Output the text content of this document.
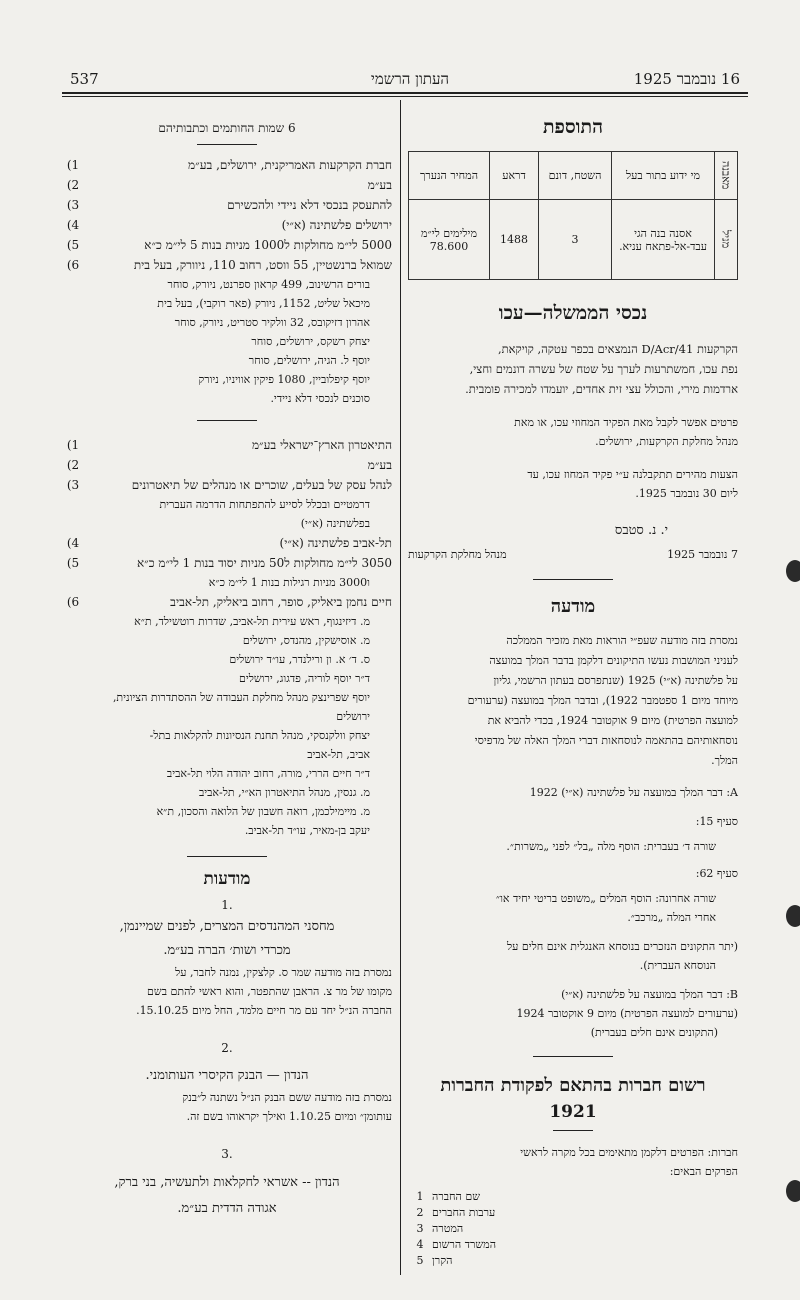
537	העתון הרשמי	16 נובמבר 1925
6 שמות החותמים וכתבותיהם
1)	חברת הקרקעות האמריקנית, ירושלים, בע״מ
2)	בע״מ
3)	להתעסק בנכסי דלא ניידי ולהכשירם
4)	ירושלים פלשתינה (א״י)
5)	5000 לי״מ מחולקות ל1000 מניות בנות 5 לי״מ כ״א
6)	שמואל ברנשטיין, 55 ווסט, רחוב 110, ניוורק, בעל בית
בורים הרשינוב, 499 קראון ספרנט, ניורק, סוחר
מיכאל שליט, 1152, ניורק (פאר רוקבי), בעל בית
אהרון דזיקובס, 32 וולקיר סטריט, ניורק, סוחר
יצחק רשקס, ירושלים, סוחר
יוסף ל. הגיה, ירושלים, סוחר
יוסף קיפלוביין, 1080 פיקין אוויניו, ניורק
סוכנים לנכסי דלא ניידי.
1)	התיאטרון הארץ־ישראלי בע״מ
2)	בע״מ
3)	לנהל עסק של בעלים, שוכרים או מנהלים של תיאטרונים
דרמטיים ובכלל לסייע להתפתחות הדרמה העברית
בפלשתינה (א״י)
4)	תל-אביב פלשתינה (א״י)
5)	3050 לי״מ מחולקות ל50 מניות יסוד בנות 1 לי״מ כ״א
ו3000 מניות רגילות בנות 1 לי״מ כ״א
6)	חיים נחמן ביאליק, סופר, רחוב ביאליק, תל-אביב
מ. דיזינגוף, ראש עירית תל-אביב, שדרות רוטשילד, ת״א
מ. אוסישקין, מהנדס, ירושלים
ס. ד׳ א. ון ורילנדר, עו״ד ירושלים
ד״ר יוסף לוריה, פדגוג, ירושלים
יוסף שפרינצק מנהל מחלקת העבודה של ההסתדרות הציונית,
ירושלים
יצחק וולקנסקי, מנהל תחנת הנסיונות להקלאות בתל-
אביב, תל-אביב
ד״ר חיים הררי, מורה, רחוב יהודה הלוי תל-אביב
מ. גנסין, מנהל התיאטרון הא״י, תל-אביב
מ. מיימילכמן, רואה חשבון של הלואה והסכון, ת״א
יעקב בן-מאיר, עו״ד תל-אביב.
מודעות
.1
מחסני המהנדסים המצרים, לפנים שמיינמן,
מכרדי ושות׳ הברה בע״מ.
נמסרת בזה מודעה שמר ס. קלצקין, נמנה לחבר, על
מקומו של מר צ. הראבן שהתפטר, והוא ראשי להתם בשם
החברה הנ״ל יחד עם מר חיים מלמד, החל מיום 15.10.25.
.2
הנדון — הבנק הקיסרי העותומני.
נמסרת בזה מודעה ששם הבנק הנ״ל נשתנה ל״בנק
עותומן״ ומיום 1.10.25 ואילך יקראוהו בשם זה.
.3
הנדון -- אשראי לחקלאות ולתעשיה, בני ברק,
אגודה הדדית בע״מ.
התוספת
מאבנה	מי ידוע בתור בעל	השטח, דונם	דראע	המחיר הנערך
מניל	אסנה בנה הגי עבד-אל-פתאח עניא.	3	1488	מילימים לי״מ 78.600
נכסי הממשלה—עכו
הקרקעות D/Acr/41 הנמצאים בכפר עטקה, קויקאת,
נפת עכו, חמשתרעות לערך על שטח של עשרה דונמים וחצי,
ארדמות מירי, והכולל עצי זית אחדים, יועמדו למכירה פומבית.
פרטים אפשר לקבל מאת הפקיד המחוזי עכו, או מאת
מנהל מחלקת הקרקעות, ירושלים.
הצעות מהירים תתקבלנה ע״י פקיד המחוז עכו, עד
ליום 30 נובמבר 1925.
י. נ. סטבס
מנהל מחלקת הקרקעות	7 נובמבר 1925
מודעה
נמסרת בזה מודעה שעפ״י הוראות מאת מזכיר הממלכה
לעניני המושבות נעשו התיקונים דלקמן בדבר המלך במועצה
על פלשתינה (א״י) 1925 (שנתפרסם בעתון הרשמי, גליון
מיוחד מיום 1 ספטמבר 1922), ובדבר המלך במועצה (ערעורים
למועצה הפרטית) מיום 9 אוקטובר 1924, בכדי להביא את
נוסחאותיהם בהתאמה לנוסחאות דברי המלך האלה של מדפיסי
המלך.
A: דבר המלך במועצה על פלשתינה (א״י) 1922
סעיף 15:
שורה ד׳ בעברית: הוסף מלה „בל״ לפני „משרות״.
סעיף 62:
שורה אחרונה: הוסף המלים „משופט בריטי יחיד או״
אחרי המלה „מרכב״.
(יתר התקונים הנזכרים בנוסחא האנגלית אינם חלים על
הנוסחא העברית).
B: דבר המלך במועצה על פלשתינה (א״י)
(ערעורים למועצה הפרטית) מיום 9 אוקטובר 1924
(התקונים אינם חלים בעברית)
רשום חברות בהתאם לפקודת החברות
1921
חברות: הפרטים דלקמן מתאימים בכל מקרה לראשי
הפרקים הבאים:
1 שם החברה
2 ערבות החברים
3 המטרה
4 המשרד הרשום
5 הקרן
